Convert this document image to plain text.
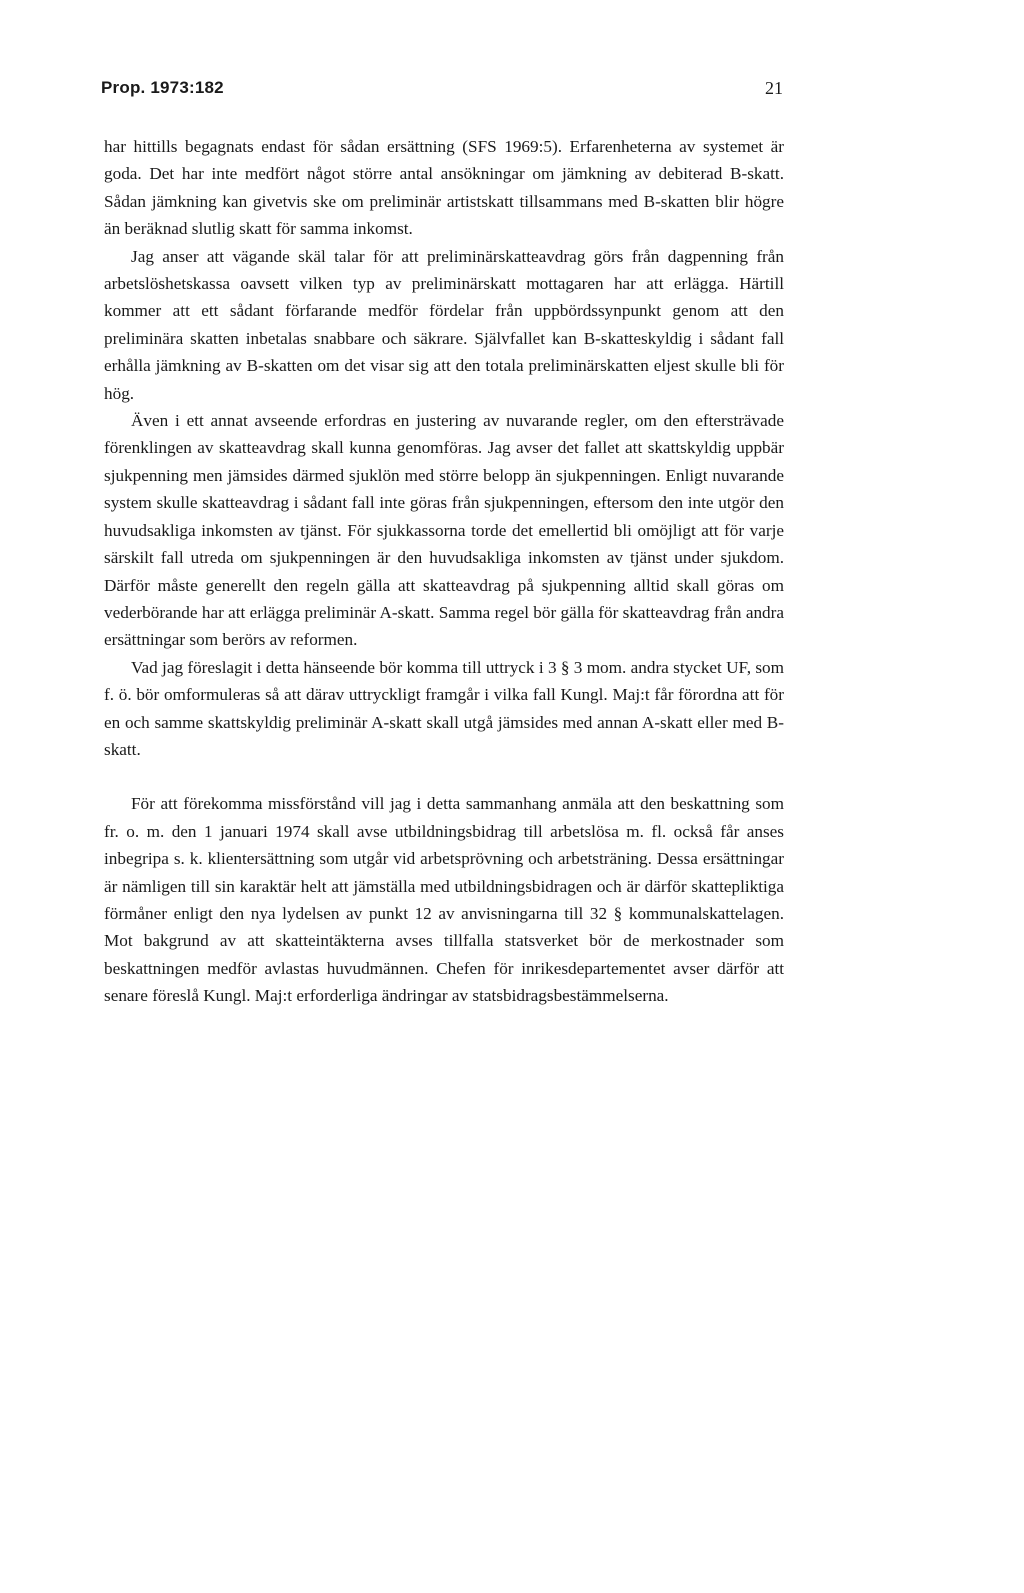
Prop. 1973:182	21

har hittills begagnats endast för sådan ersättning (SFS 1969:5). Erfarenheterna av systemet är goda. Det har inte medfört något större antal ansökningar om jämkning av debiterad B-skatt. Sådan jämkning kan givetvis ske om preliminär artistskatt tillsammans med B-skatten blir högre än beräknad slutlig skatt för samma inkomst.

Jag anser att vägande skäl talar för att preliminärskatteavdrag görs från dagpenning från arbetslöshetskassa oavsett vilken typ av preliminärskatt mottagaren har att erlägga. Härtill kommer att ett sådant förfarande medför fördelar från uppbördssynpunkt genom att den preliminära skatten inbetalas snabbare och säkrare. Självfallet kan B-skatteskyldig i sådant fall erhålla jämkning av B-skatten om det visar sig att den totala preliminärskatten eljest skulle bli för hög.

Även i ett annat avseende erfordras en justering av nuvarande regler, om den eftersträvade förenklingen av skatteavdrag skall kunna genomföras. Jag avser det fallet att skattskyldig uppbär sjukpenning men jämsides därmed sjuklön med större belopp än sjukpenningen. Enligt nuvarande system skulle skatteavdrag i sådant fall inte göras från sjukpenningen, eftersom den inte utgör den huvudsakliga inkomsten av tjänst. För sjukkassorna torde det emellertid bli omöjligt att för varje särskilt fall utreda om sjukpenningen är den huvudsakliga inkomsten av tjänst under sjukdom. Därför måste generellt den regeln gälla att skatteavdrag på sjukpenning alltid skall göras om vederbörande har att erlägga preliminär A-skatt. Samma regel bör gälla för skatteavdrag från andra ersättningar som berörs av reformen.

Vad jag föreslagit i detta hänseende bör komma till uttryck i 3 § 3 mom. andra stycket UF, som f. ö. bör omformuleras så att därav uttryckligt framgår i vilka fall Kungl. Maj:t får förordna att för en och samme skattskyldig preliminär A-skatt skall utgå jämsides med annan A-skatt eller med B-skatt.

För att förekomma missförstånd vill jag i detta sammanhang anmäla att den beskattning som fr. o. m. den 1 januari 1974 skall avse utbildningsbidrag till arbetslösa m. fl. också får anses inbegripa s. k. klientersättning som utgår vid arbetsprövning och arbetsträning. Dessa ersättningar är nämligen till sin karaktär helt att jämställa med utbildningsbidragen och är därför skattepliktiga förmåner enligt den nya lydelsen av punkt 12 av anvisningarna till 32 § kommunalskattelagen. Mot bakgrund av att skatteintäkterna avses tillfalla statsverket bör de merkostnader som beskattningen medför avlastas huvudmännen. Chefen för inrikesdepartementet avser därför att senare föreslå Kungl. Maj:t erforderliga ändringar av statsbidragsbestämmelserna.
